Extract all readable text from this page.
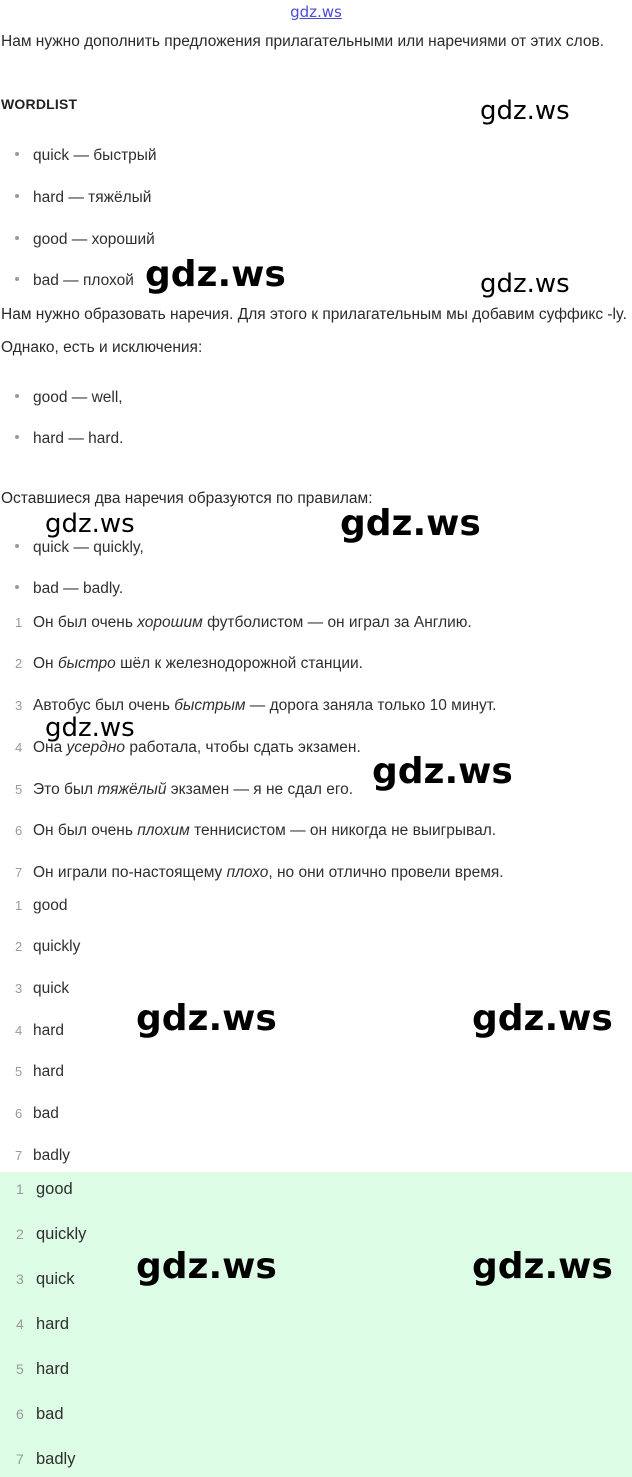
gdz.ws
Нам нужно дополнить предложения прилагательными или наречиями от этих слов.
WORDLIST
quick — быстрый
hard — тяжёлый
good — хороший
bad — плохой
Нам нужно образовать наречия. Для этого к прилагательным мы добавим суффикс -ly. Однако, есть и исключения:
good — well,
hard — hard.
Оставшиеся два наречия образуются по правилам:
quick — quickly,
bad — badly.
1 Он был очень хорошим футболистом — он играл за Англию.
2 Он быстро шёл к железнодорожной станции.
3 Автобус был очень быстрым — дорога заняла только 10 минут.
4 Она усердно работала, чтобы сдать экзамен.
5 Это был тяжёлый экзамен — я не сдал его.
6 Он был очень плохим теннисистом — он никогда не выигрывал.
7 Он играли по-настоящему плохо, но они отлично провели время.
1 good
2 quickly
3 quick
4 hard
5 hard
6 bad
7 badly
1 good
2 quickly
3 quick
4 hard
5 hard
6 bad
7 badly
gdz.ws
gdz.ws	gdz.ws
gdz.ws	gdz.ws
gdz.ws
gdz.ws
gdz.ws	gdz.ws
gdz.ws	gdz.ws
